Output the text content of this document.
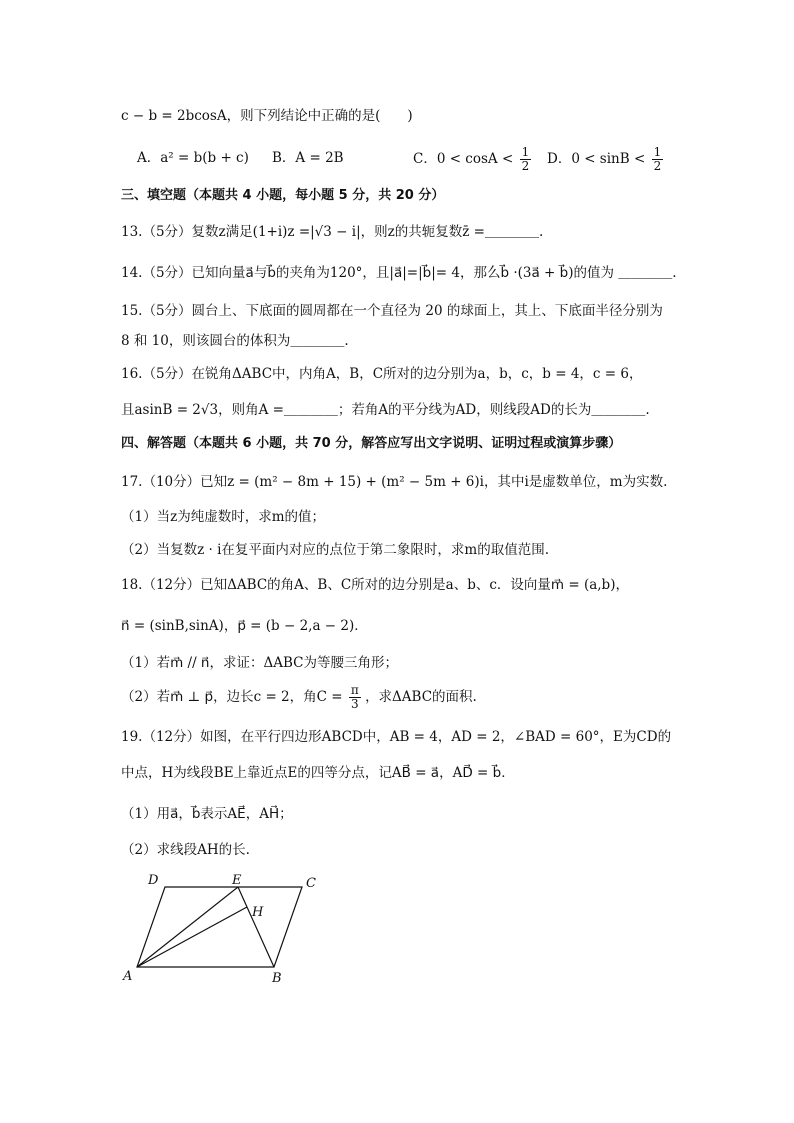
c − b = 2bcosA，则下列结论中正确的是(　　)
A．a² = b(b + c) B．A = 2B	C．$0 < \cos A < \frac{1}{2}$ D．$0 < \sin B < \frac{1}{2}$
三、填空题（本题共 4 小题，每小题 5 分，共 20 分）
13.（5分）复数z满足(1+i)z =|√3 − i|，则z的共轭复数z̄ =＿＿＿＿.
14.（5分）已知向量a⃗与b⃗的夹角为120°，且|a⃗|=|b⃗|= 4，那么b⃗ ·(3a⃗ + b⃗)的值为 ＿＿＿＿.
15.（5分）圆台上、下底面的圆周都在一个直径为 20 的球面上，其上、下底面半径分别为
8 和 10，则该圆台的体积为＿＿＿＿.
16.（5分）在锐角ΔABC中，内角A，B，C所对的边分别为a，b，c，b = 4，c = 6，
且asinB = 2√3，则角A =＿＿＿＿；若角A的平分线为AD，则线段AD的长为＿＿＿＿.
四、解答题（本题共 6 小题，共 70 分，解答应写出文字说明、证明过程或演算步骤）
17.（10分）已知z = (m² − 8m + 15) + (m² − 5m + 6)i，其中i是虚数单位，m为实数.
（1）当z为纯虚数时，求m的值；
（2）当复数z · i在复平面内对应的点位于第二象限时，求m的取值范围.
18.（12分）已知ΔABC的角A、B、C所对的边分别是a、b、c．设向量m⃗ = (a,b)，
n⃗ = (sinB,sinA)，p⃗ = (b − 2,a − 2)．
（1）若m⃗ // n⃗，求证：ΔABC为等腰三角形；
（2）若m⃗ ⊥ p⃗，边长c = 2，角$C = \frac{\pi}{3}$ ，求ΔABC的面积.
19.（12分）如图，在平行四边形ABCD中，AB = 4，AD = 2，∠BAD = 60°，E为CD的
中点，H为线段BE上靠近点E的四等分点，记AB⃗ = a⃗，AD⃗ = b⃗．
（1）用a⃗，b⃗表示AE⃗，AH⃗；
（2）求线段AH的长.
D	E	C
H
A	B
